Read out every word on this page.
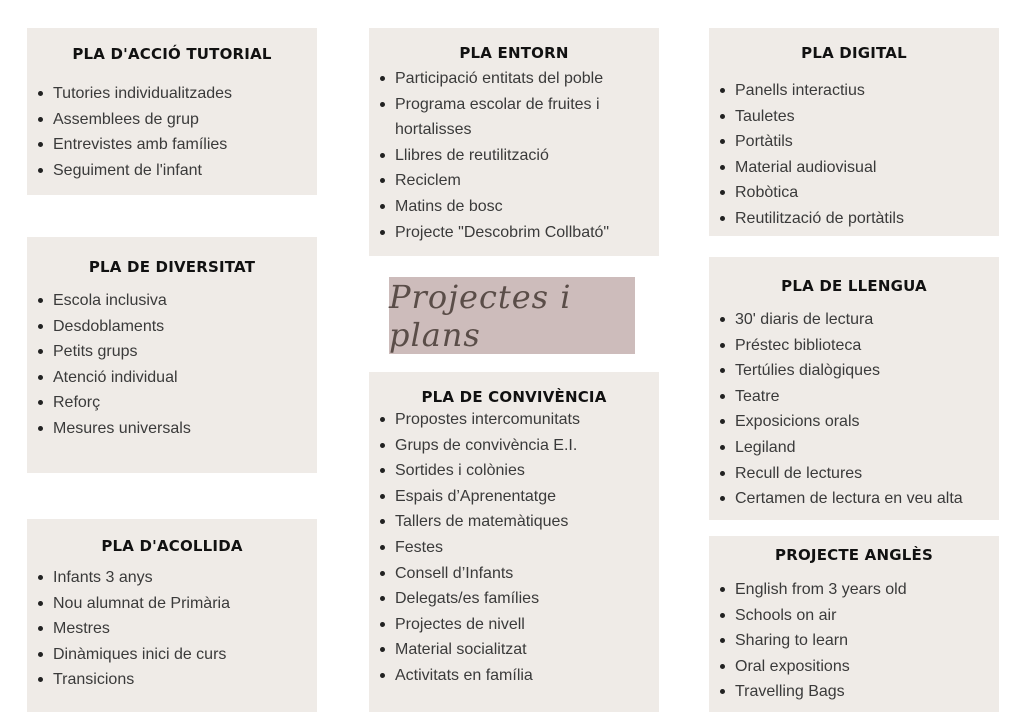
PLA D'ACCIÓ TUTORIAL
Tutories individualitzades
Assemblees de grup
Entrevistes amb famílies
Seguiment de l'infant
PLA DE DIVERSITAT
Escola inclusiva
Desdoblaments
Petits grups
Atenció individual
Reforç
Mesures universals
PLA D'ACOLLIDA
Infants 3 anys
Nou alumnat de Primària
Mestres
Dinàmiques inici de curs
Transicions
PLA ENTORN
Participació entitats del poble
Programa escolar de fruites i hortalisses
Llibres de reutilització
Reciclem
Matins de bosc
Projecte "Descobrim Collbató"
Projectes i plans
PLA DE CONVIVÈNCIA
Propostes intercomunitats
Grups de convivència E.I.
Sortides i colònies
Espais d’Aprenentatge
Tallers de matemàtiques
Festes
Consell d’Infants
Delegats/es famílies
Projectes de nivell
Material socialitzat
Activitats en família
PLA DIGITAL
Panells interactius
Tauletes
Portàtils
Material audiovisual
Robòtica
Reutilització de portàtils
PLA DE LLENGUA
30' diaris de lectura
Préstec biblioteca
Tertúlies dialògiques
Teatre
Exposicions orals
Legiland
Recull de lectures
Certamen de lectura en veu alta
PROJECTE ANGLÈS
English from 3 years old
Schools on air
Sharing to learn
Oral expositions
Travelling Bags
